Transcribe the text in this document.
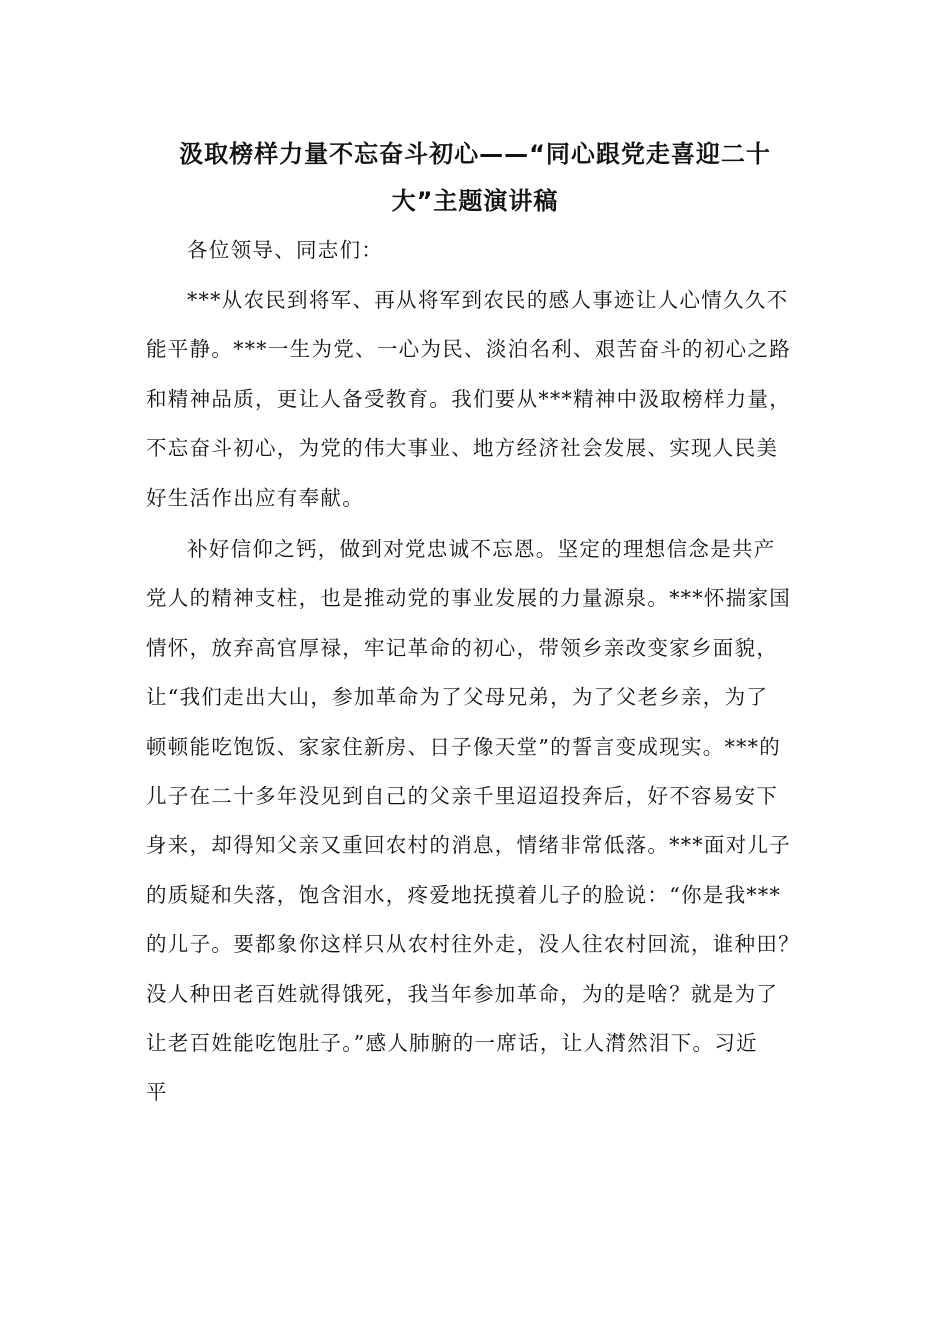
汲取榜样力量不忘奋斗初心——“同心跟党走喜迎二十
大”主题演讲稿
各位领导、同志们：
***从农民到将军、再从将军到农民的感人事迹让人心情久久不
能平静。***一生为党、一心为民、淡泊名利、艰苦奋斗的初心之路
和精神品质，更让人备受教育。我们要从***精神中汲取榜样力量，
不忘奋斗初心，为党的伟大事业、地方经济社会发展、实现人民美
好生活作出应有奉献。
补好信仰之钙，做到对党忠诚不忘恩。坚定的理想信念是共产
党人的精神支柱，也是推动党的事业发展的力量源泉。***怀揣家国
情怀，放弃高官厚禄，牢记革命的初心，带领乡亲改变家乡面貌，
让“我们走出大山，参加革命为了父母兄弟，为了父老乡亲，为了
顿顿能吃饱饭、家家住新房、日子像天堂”的誓言变成现实。***的
儿子在二十多年没见到自己的父亲千里迢迢投奔后，好不容易安下
身来，却得知父亲又重回农村的消息，情绪非常低落。***面对儿子
的质疑和失落，饱含泪水，疼爱地抚摸着儿子的脸说：“你是我***
的儿子。要都象你这样只从农村往外走，没人往农村回流，谁种田？
没人种田老百姓就得饿死，我当年参加革命，为的是啥？就是为了
让老百姓能吃饱肚子。”感人肺腑的一席话，让人潸然泪下。习近
平
